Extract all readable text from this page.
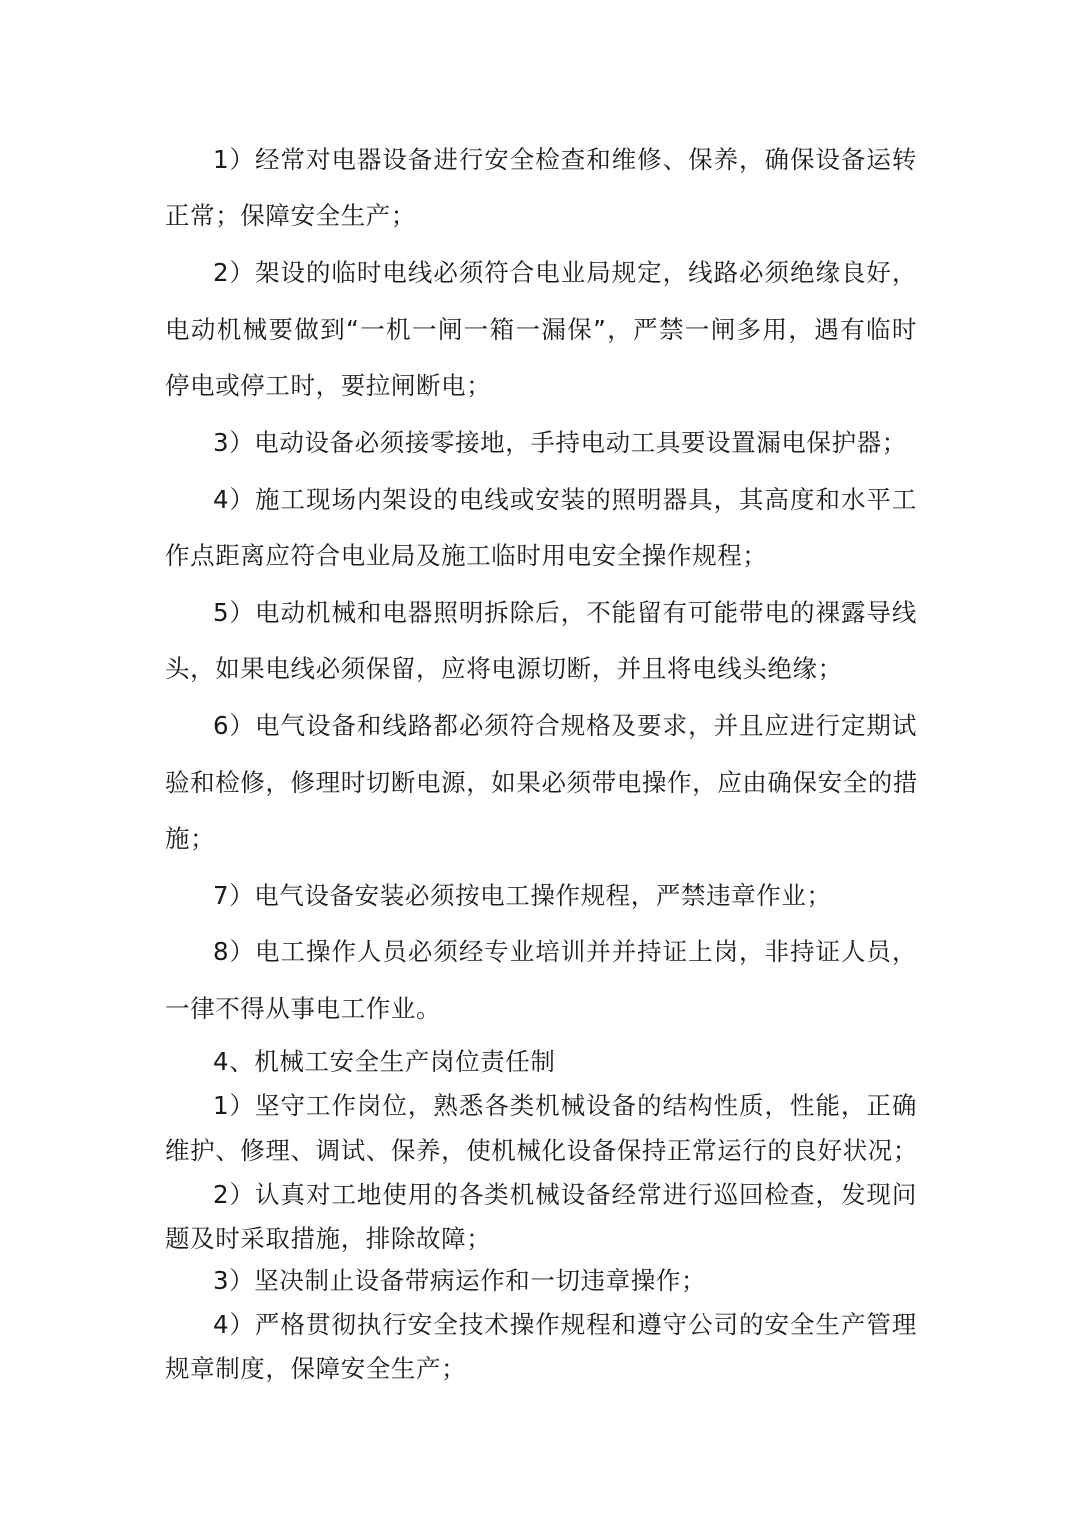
1）经常对电器设备进行安全检查和维修、保养，确保设备运转
正常；保障安全生产；
2）架设的临时电线必须符合电业局规定，线路必须绝缘良好，
电动机械要做到“一机一闸一箱一漏保”，严禁一闸多用，遇有临时
停电或停工时，要拉闸断电；
3）电动设备必须接零接地，手持电动工具要设置漏电保护器；
4）施工现场内架设的电线或安装的照明器具，其高度和水平工
作点距离应符合电业局及施工临时用电安全操作规程；
5）电动机械和电器照明拆除后，不能留有可能带电的裸露导线
头，如果电线必须保留，应将电源切断，并且将电线头绝缘；
6）电气设备和线路都必须符合规格及要求，并且应进行定期试
验和检修，修理时切断电源，如果必须带电操作，应由确保安全的措
施；
7）电气设备安装必须按电工操作规程，严禁违章作业；
8）电工操作人员必须经专业培训并并持证上岗，非持证人员，
一律不得从事电工作业。
4、机械工安全生产岗位责任制
1）坚守工作岗位，熟悉各类机械设备的结构性质，性能，正确
维护、修理、调试、保养，使机械化设备保持正常运行的良好状况；
2）认真对工地使用的各类机械设备经常进行巡回检查，发现问
题及时采取措施，排除故障；
3）坚决制止设备带病运作和一切违章操作；
4）严格贯彻执行安全技术操作规程和遵守公司的安全生产管理
规章制度，保障安全生产；
